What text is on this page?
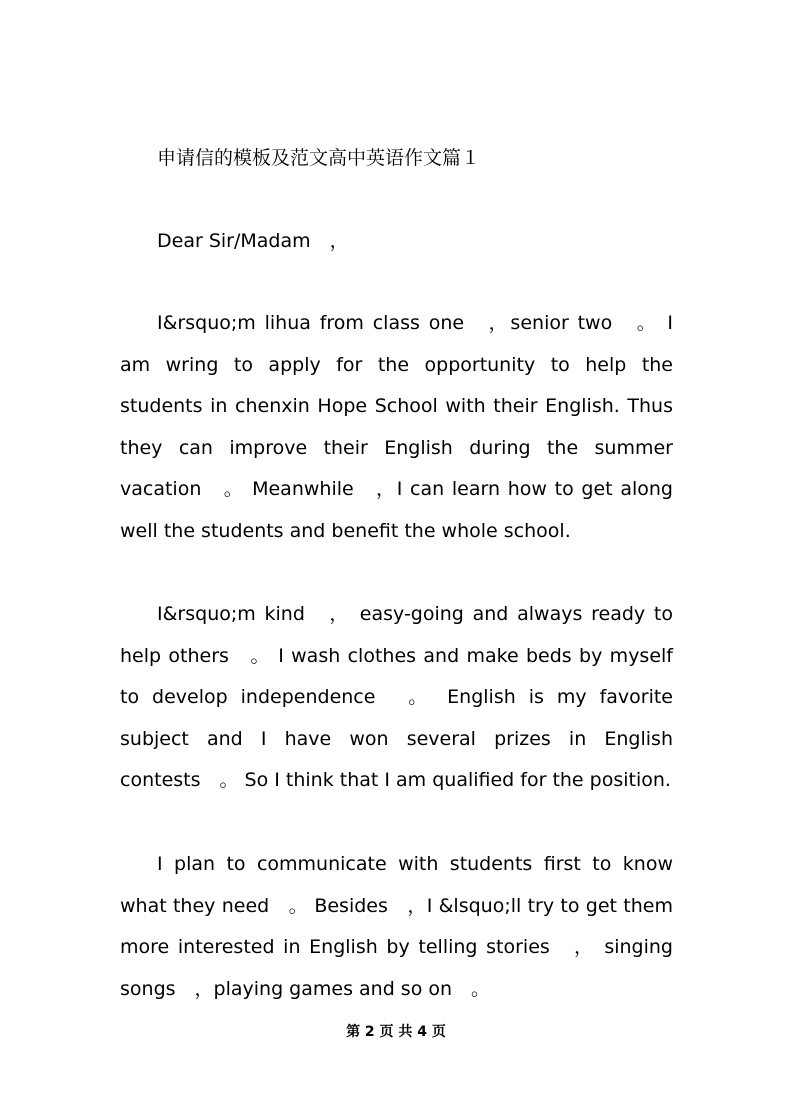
申请信的模板及范文高中英语作文篇１
Dear Sir/Madam　，

I&rsquo;m lihua from class one　，senior two　。 I am wring to apply for the opportunity to help the students in chenxin Hope School with their English. Thus they can improve their English during the summer vacation　。 Meanwhile　，I can learn how to get along well the students and benefit the whole school.

I&rsquo;m kind　， easy-going and always ready to help others　。 I wash clothes and make beds by myself to develop independence　。 English is my favorite subject and I have won several prizes in English contests　。 So I think that I am qualified for the position.

I plan to communicate with students first to know what they need　。 Besides　，I &lsquo;ll try to get them more interested in English by telling stories　， singing songs　，playing games and so on　。

第 2 页 共 4 页
